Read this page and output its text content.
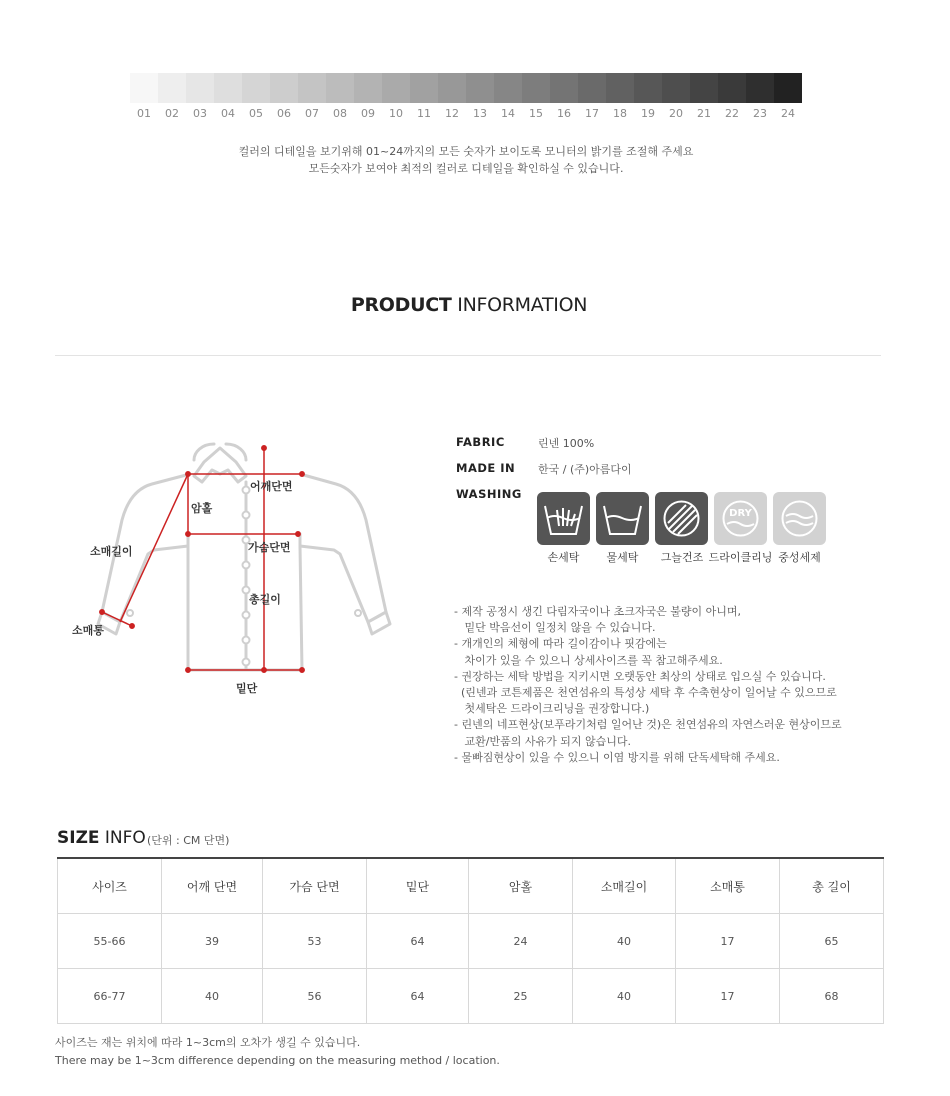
01	02	03	04	05	06	07	08	09	10	11	12	13	14	15	16	17	18	19	20	21	22	23	24
컬러의 디테일을 보기위해 01~24까지의 모든 숫자가 보이도록 모니터의 밝기를 조절해 주세요
모든숫자가 보여야 최적의 컬러로 디테일을 확인하실 수 있습니다.
PRODUCT INFORMATION
어깨단면
암홀
가슴단면
소매길이
총길이
소매통
밑단
FABRIC	린넨 100%
MADE IN 한국 / (주)아름다이
WASHING
DRY
손세탁	물세탁	그늘건조 드라이클리닝 중성세제
- 제작 공정시 생긴 다림자국이나 초크자국은 불량이 아니며,
밑단 박음선이 일정치 않을 수 있습니다.
- 개개인의 체형에 따라 길이감이나 핏감에는
차이가 있을 수 있으니 상세사이즈를 꼭 참고해주세요.
- 권장하는 세탁 방법을 지키시면 오랫동안 최상의 상태로 입으실 수 있습니다.
(린넨과 코튼제품은 천연섬유의 특성상 세탁 후 수축현상이 일어날 수 있으므로
첫세탁은 드라이크리닝을 권장합니다.)
- 린넨의 네프현상(보푸라기처럼 일어난 것)은 천연섬유의 자연스러운 현상이므로
교환/반품의 사유가 되지 않습니다.
- 물빠짐현상이 있을 수 있으니 이염 방지를 위해 단독세탁해 주세요.
SIZE INFO (단위 : CM 단면)
사이즈	어깨 단면	가슴 단면	밑단	암홀	소매길이	소매통	총 길이
55-66	39	53	64	24	40	17	65
66-77	40	56	64	25	40	17	68
사이즈는 재는 위치에 따라 1~3cm의 오차가 생길 수 있습니다.
There may be 1~3cm difference depending on the measuring method / location.
